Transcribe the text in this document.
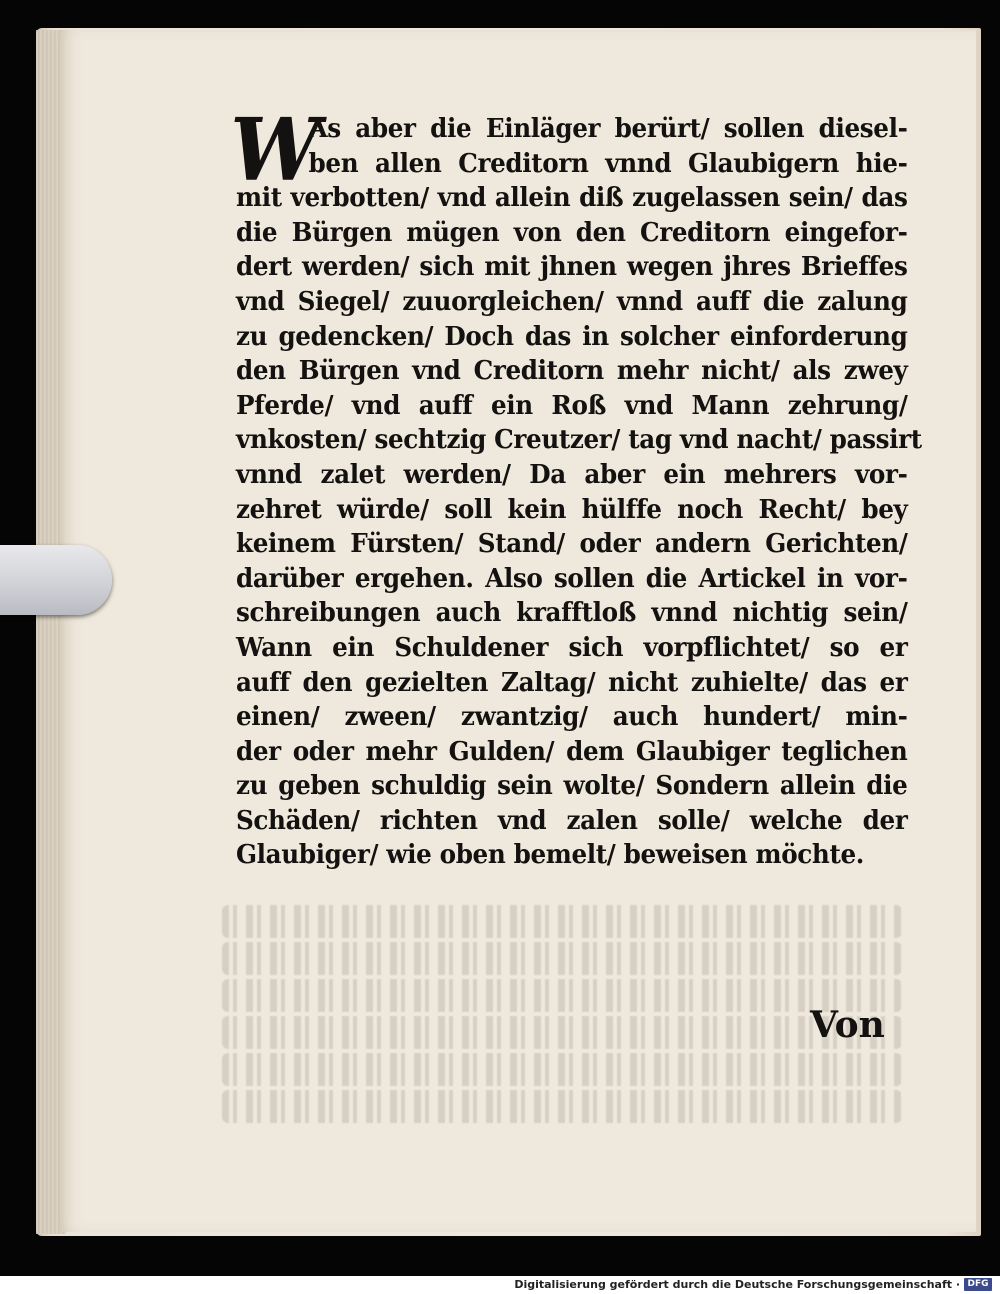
W
As aber die Einläger berürt/ sollen diesel-
ben allen Creditorn vnnd Glaubigern hie-
mit verbotten/ vnd allein diß zugelassen sein/ das
die Bürgen mügen von den Creditorn eingefor-
dert werden/ sich mit jhnen wegen jhres Brieffes
vnd Siegel/ zuuorgleichen/ vnnd auff die zalung
zu gedencken/ Doch das in solcher einforderung
den Bürgen vnd Creditorn mehr nicht/ als zwey
Pferde/ vnd auff ein Roß vnd Mann zehrung/
vnkosten/ sechtzig Creutzer/ tag vnd nacht/ passirt
vnnd zalet werden/ Da aber ein mehrers vor-
zehret würde/ soll kein hülffe noch Recht/ bey
keinem Fürsten/ Stand/ oder andern Gerichten/
darüber ergehen. Also sollen die Artickel in vor-
schreibungen auch krafftloß vnnd nichtig sein/
Wann ein Schuldener sich vorpflichtet/ so er
auff den gezielten Zaltag/ nicht zuhielte/ das er
einen/ zween/ zwantzig/ auch hundert/ min-
der oder mehr Gulden/ dem Glaubiger teglichen
zu geben schuldig sein wolte/ Sondern allein die
Schäden/ richten vnd zalen solle/ welche der
Glaubiger/ wie oben bemelt/ beweisen möchte.
Von
Digitalisierung gefördert durch die Deutsche Forschungsgemeinschaft · DFG
